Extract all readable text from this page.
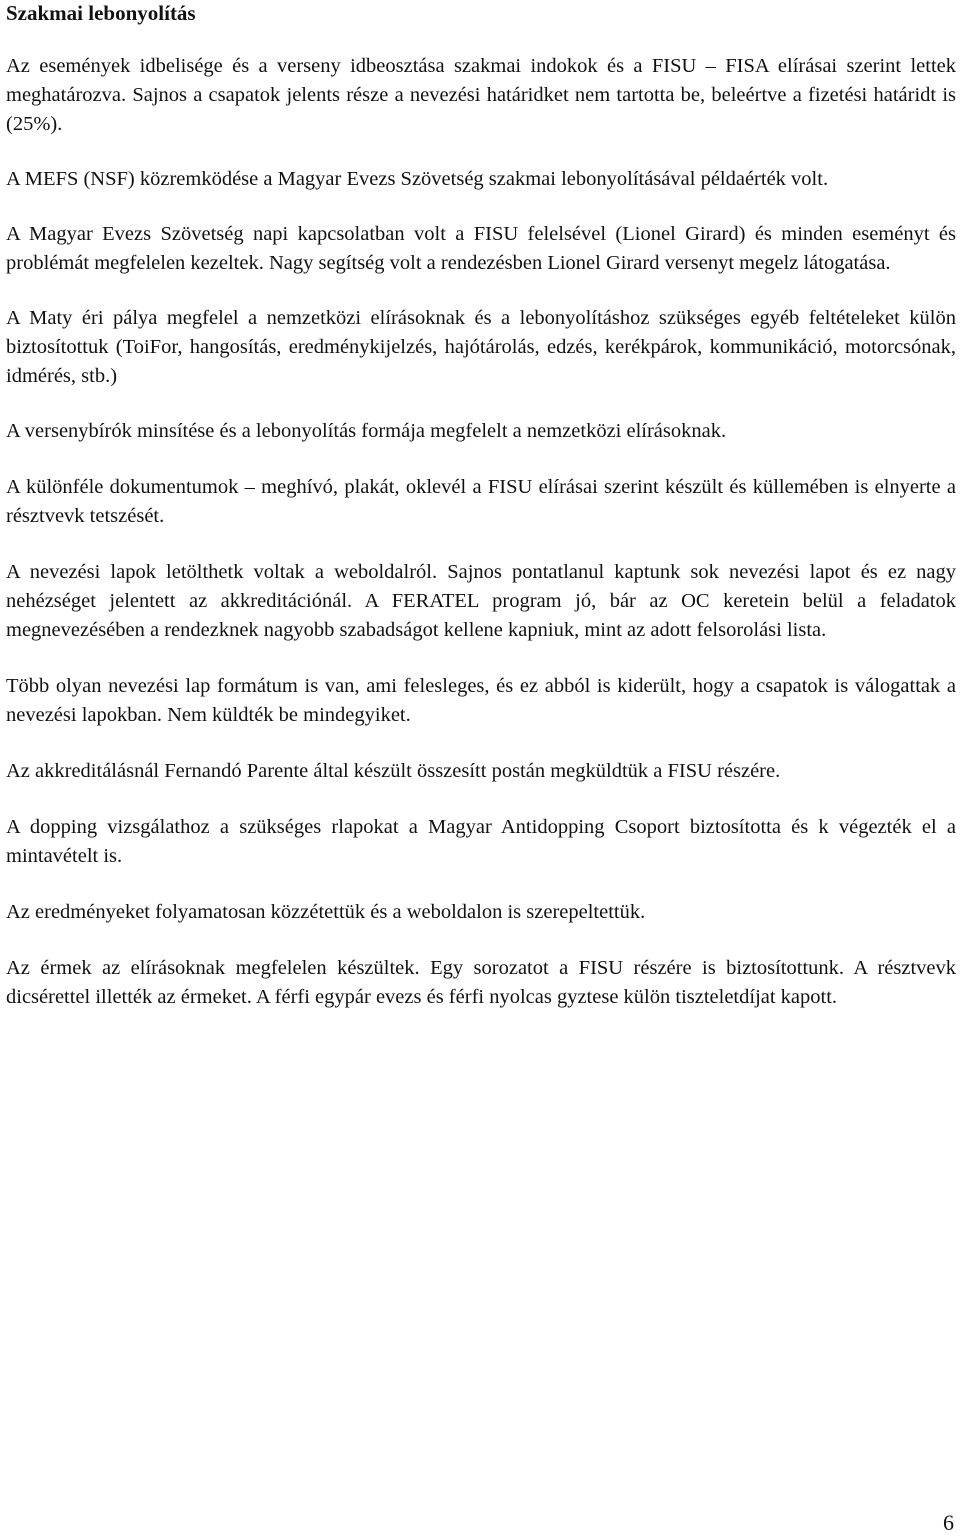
Szakmai lebonyolítás

Az események idbelisége és a verseny idbeosztása szakmai indokok és a FISU – FISA elírásai szerint lettek meghatározva. Sajnos a csapatok jelents része a nevezési határidket nem tartotta be, beleértve a fizetési határidt is (25%).

A MEFS (NSF) közremködése a Magyar Evezs Szövetség szakmai lebonyolításával példaérték volt.

A Magyar Evezs Szövetség napi kapcsolatban volt a FISU felelsével (Lionel Girard) és minden eseményt és problémát megfelelen kezeltek. Nagy segítség volt a rendezésben Lionel Girard versenyt megelz látogatása.

A Maty éri pálya megfelel a nemzetközi elírásoknak és a lebonyolításhoz szükséges egyéb feltételeket külön biztosítottuk (ToiFor, hangosítás, eredménykijelzés, hajótárolás, edzés, kerékpárok, kommunikáció, motorcsónak, idmérés, stb.)

A versenybírók minsítése és a lebonyolítás formája megfelelt a nemzetközi elírásoknak.

A különféle dokumentumok – meghívó, plakát, oklevél a FISU elírásai szerint készült és küllemében is elnyerte a résztvevk tetszését.

A nevezési lapok letölthetk voltak a weboldalról. Sajnos pontatlanul kaptunk sok nevezési lapot és ez nagy nehézséget jelentett az akkreditációnál. A FERATEL program jó, bár az OC keretein belül a feladatok megnevezésében a rendezknek nagyobb szabadságot kellene kapniuk, mint az adott felsorolási lista.

Több olyan nevezési lap formátum is van, ami felesleges, és ez abból is kiderült, hogy a csapatok is válogattak a nevezési lapokban. Nem küldték be mindegyiket.

Az akkreditálásnál Fernandó Parente által készült összesítt postán megküldtük a FISU részére.

A dopping vizsgálathoz a szükséges rlapokat a Magyar Antidopping Csoport biztosította és k végezték el a mintavételt is.

Az eredményeket folyamatosan közzétettük és a weboldalon is szerepeltettük.

Az érmek az elírásoknak megfelelen készültek. Egy sorozatot a FISU részére is biztosítottunk. A résztvevk dicsérettel illették az érmeket. A férfi egypár evezs és férfi nyolcas gyztese külön tiszteletdíjat kapott.

6
